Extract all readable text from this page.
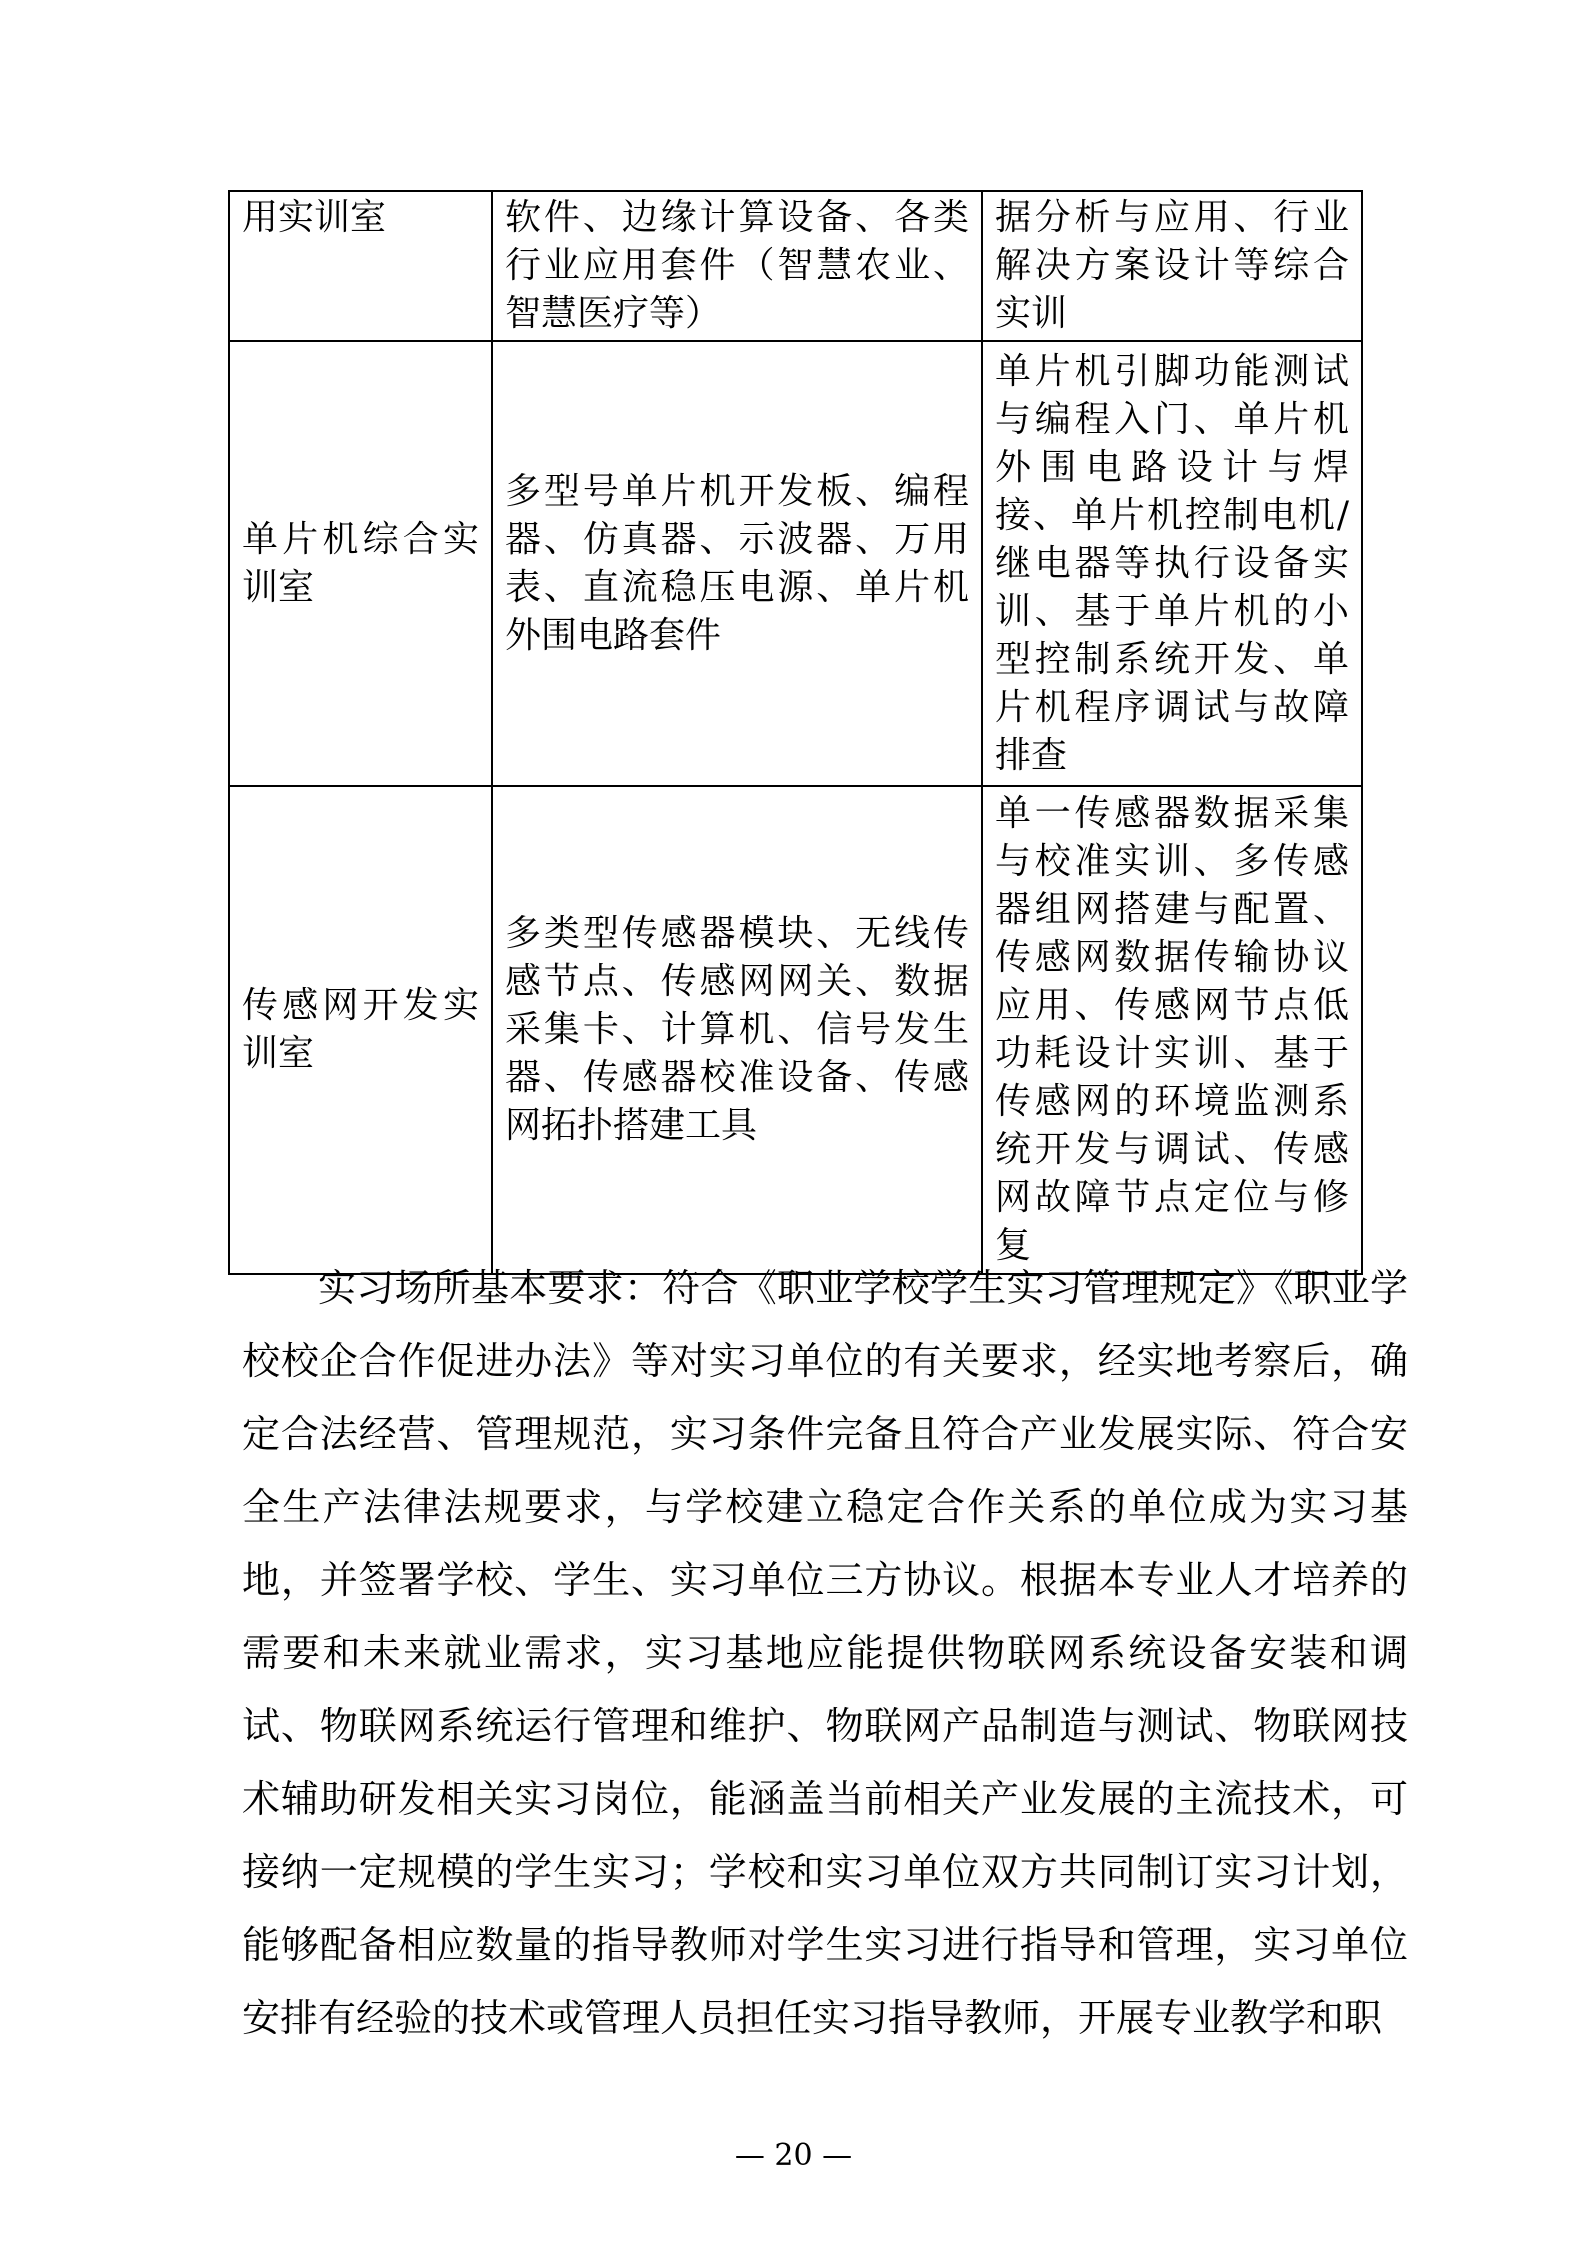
用实训室	软件、边缘计算设备、各类行业应用套件（智慧农业、智慧医疗等）	据分析与应用、行业解决方案设计等综合实训
单片机综合实训室	多型号单片机开发板、编程器、仿真器、示波器、万用表、直流稳压电源、单片机外围电路套件	单片机引脚功能测试与编程入门、单片机外围电路设计与焊接、单片机控制电机/继电器等执行设备实训、基于单片机的小型控制系统开发、单片机程序调试与故障排查
传感网开发实训室	多类型传感器模块、无线传感节点、传感网网关、数据采集卡、计算机、信号发生器、传感器校准设备、传感网拓扑搭建工具	单一传感器数据采集与校准实训、多传感器组网搭建与配置、传感网数据传输协议应用、传感网节点低功耗设计实训、基于传感网的环境监测系统开发与调试、传感网故障节点定位与修复
实习场所基本要求：符合《职业学校学生实习管理规定》《职业学校校企合作促进办法》等对实习单位的有关要求，经实地考察后，确定合法经营、管理规范，实习条件完备且符合产业发展实际、符合安全生产法律法规要求，与学校建立稳定合作关系的单位成为实习基地，并签署学校、学生、实习单位三方协议。根据本专业人才培养的需要和未来就业需求，实习基地应能提供物联网系统设备安装和调试、物联网系统运行管理和维护、物联网产品制造与测试、物联网技术辅助研发相关实习岗位，能涵盖当前相关产业发展的主流技术，可接纳一定规模的学生实习；学校和实习单位双方共同制订实习计划，能够配备相应数量的指导教师对学生实习进行指导和管理，实习单位安排有经验的技术或管理人员担任实习指导教师，开展专业教学和职
— 20 —
